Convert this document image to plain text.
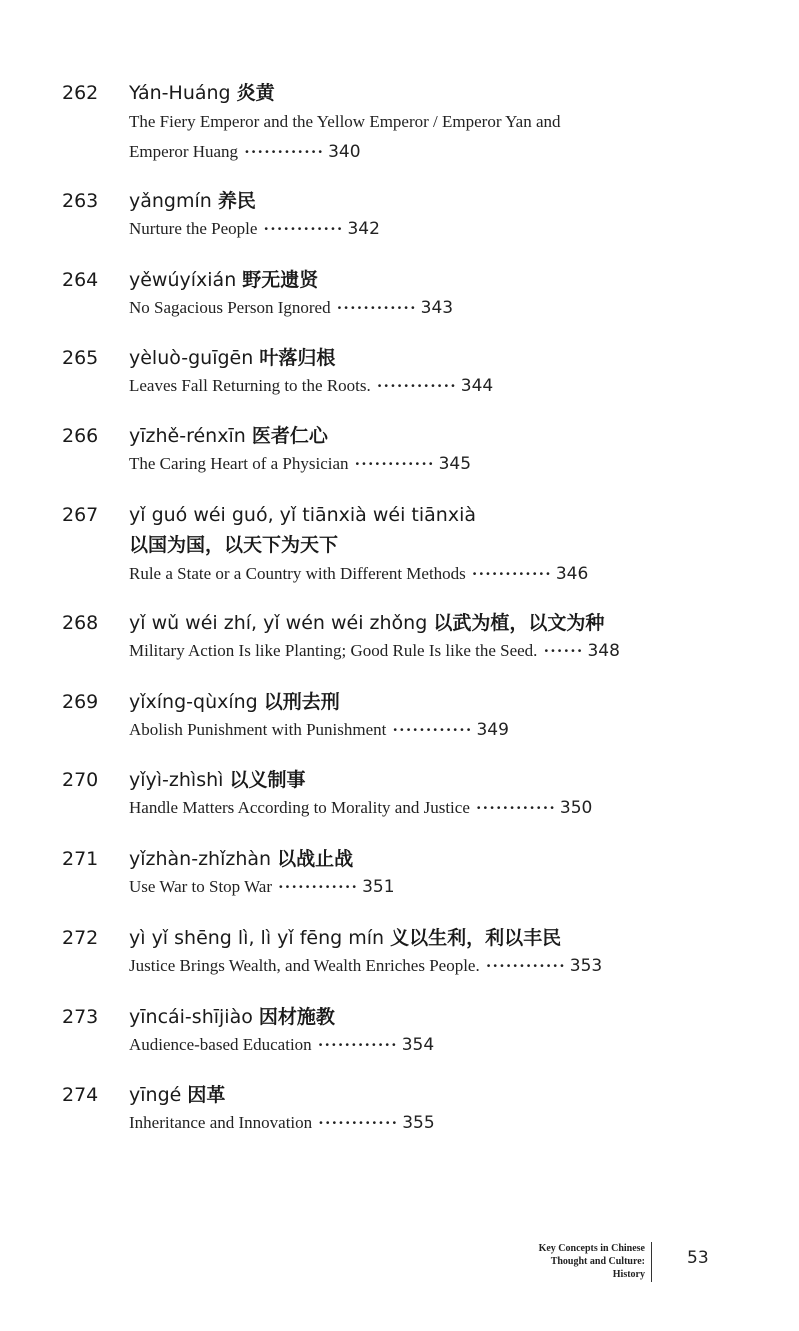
262 Yán-Huáng 炎黄
The Fiery Emperor and the Yellow Emperor / Emperor Yan and
Emperor Huang ············ 340
263 yǎngmín 养民
Nurture the People ············ 342
264 yěwúyíxián 野无遗贤
No Sagacious Person Ignored ············ 343
265 yèluò-guīgēn 叶落归根
Leaves Fall Returning to the Roots. ············ 344
266 yīzhě-rénxīn 医者仁心
The Caring Heart of a Physician ············ 345
267 yǐ guó wéi guó, yǐ tiānxià wéi tiānxià
以国为国，以天下为天下
Rule a State or a Country with Different Methods ············ 346
268 yǐ wǔ wéi zhí, yǐ wén wéi zhǒng 以武为植，以文为种
Military Action Is like Planting; Good Rule Is like the Seed. ······ 348
269 yǐxíng-qùxíng 以刑去刑
Abolish Punishment with Punishment ············ 349
270 yǐyì-zhìshì 以义制事
Handle Matters According to Morality and Justice ············ 350
271 yǐzhàn-zhǐzhàn 以战止战
Use War to Stop War ············ 351
272 yì yǐ shēng lì, lì yǐ fēng mín 义以生利，利以丰民
Justice Brings Wealth, and Wealth Enriches People. ············ 353
273 yīncái-shījiào 因材施教
Audience-based Education ············ 354
274 yīngé 因革
Inheritance and Innovation ············ 355
Key Concepts in Chinese
Thought and Culture:
History
53
